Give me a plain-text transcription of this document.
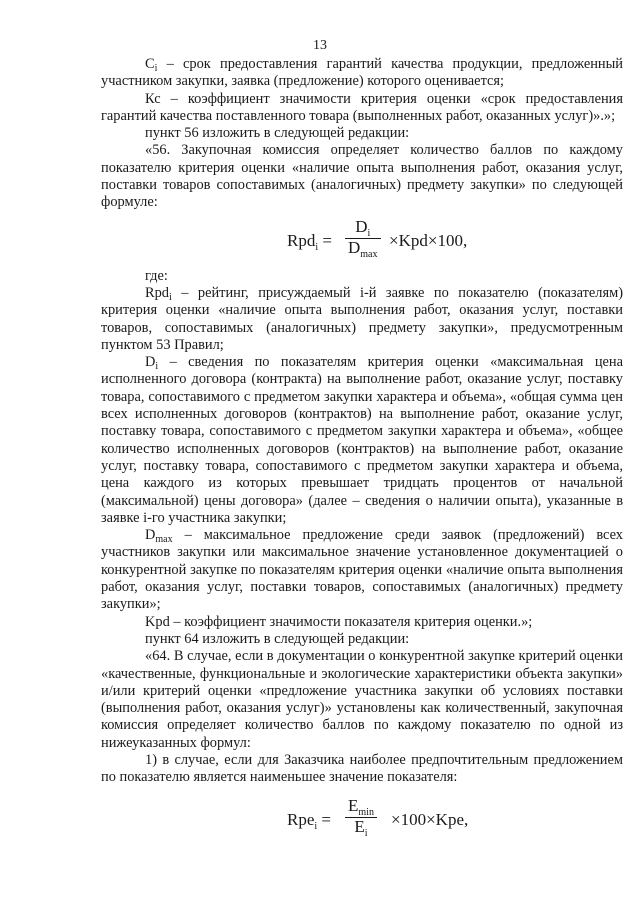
13

$C_i$ – срок предоставления гарантий качества продукции, предложенный участником закупки, заявка (предложение) которого оценивается;

Кс – коэффициент значимости критерия оценки «срок предоставления гарантий качества поставленного товара (выполненных работ, оказанных услуг)».»;

пункт 56 изложить в следующей редакции:

«56. Закупочная комиссия определяет количество баллов по каждому показателю критерия оценки «наличие опыта выполнения работ, оказания услуг, поставки товаров сопоставимых (аналогичных) предмету закупки» по следующей формуле:

Rpd$_i$ =
$D_i$
$D_{max}$
×Kpd×100,

где:

Rpd$_i$ – рейтинг, присуждаемый i-й заявке по показателю (показателям) критерия оценки «наличие опыта выполнения работ, оказания услуг, поставки товаров, сопоставимых (аналогичных) предмету закупки», предусмотренным пунктом 53 Правил;

$D_i$ – сведения по показателям критерия оценки «максимальная цена исполненного договора (контракта) на выполнение работ, оказание услуг, поставку товара, сопоставимого с предметом закупки характера и объема», «общая сумма цен всех исполненных договоров (контрактов) на выполнение работ, оказание услуг, поставку товара, сопоставимого с предметом закупки характера и объема», «общее количество исполненных договоров (контрактов) на выполнение работ, оказание услуг, поставку товара, сопоставимого с предметом закупки характера и объема, цена каждого из которых превышает тридцать процентов от начальной (максимальной) цены договора» (далее – сведения о наличии опыта), указанные в заявке i-го участника закупки;

$D_{max}$ – максимальное предложение среди заявок (предложений) всех участников закупки или максимальное значение установленное документацией о конкурентной закупке по показателям критерия оценки «наличие опыта выполнения работ, оказания услуг, поставки товаров, сопоставимых (аналогичных) предмету закупки»;

Kpd – коэффициент значимости показателя критерия оценки.»;

пункт 64 изложить в следующей редакции:

«64. В случае, если в документации о конкурентной закупке критерий оценки «качественные, функциональные и экологические характеристики объекта закупки» и/или критерий оценки «предложение участника закупки об условиях поставки (выполнения работ, оказания услуг)» установлены как количественный, закупочная комиссия определяет количество баллов по каждому показателю по одной из нижеуказанных формул:

1) в случае, если для Заказчика наиболее предпочтительным предложением по показателю является наименьшее значение показателя:

Rpe$_i$ =
$E_{min}$
$E_i$
×100×Kpe,
